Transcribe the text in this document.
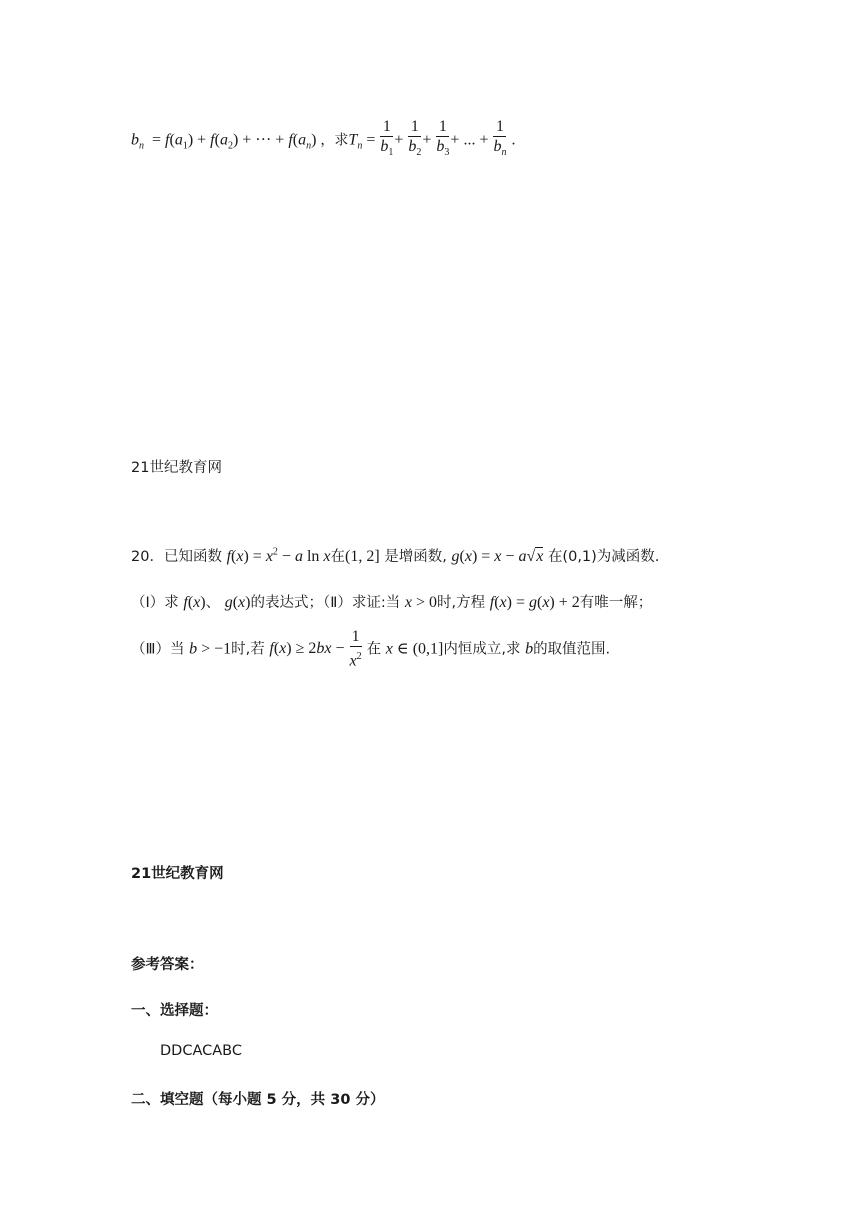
$b_n = f(a_1) + f(a_2)$ + ··· + $f(a_n)$ ，求$T_n = \frac{1}{b_1} + \frac{1}{b_2} + \frac{1}{b_3}$ + ... + $\frac{1}{b_n}$ .
21世纪教育网
20．已知函数 $f(x) = x^2 - a$ ln x在(1, 2] 是增函数, g(x) = x − a√x 在(0,1)为减函数.
（Ⅰ）求 f(x)、 g(x)的表达式；（Ⅱ）求证:当 x > 0时,方程 f(x) = g(x) + 2有唯一解；
（Ⅲ）当 b > −1时,若 $f(x) \ge 2bx - \frac{1}{x^2}$ 在 x ∈ (0,1]内恒成立,求 b的取值范围.
21世纪教育网
参考答案：
一、选择题：
DDCACABC
二、填空题（每小题 5 分，共 30 分）
